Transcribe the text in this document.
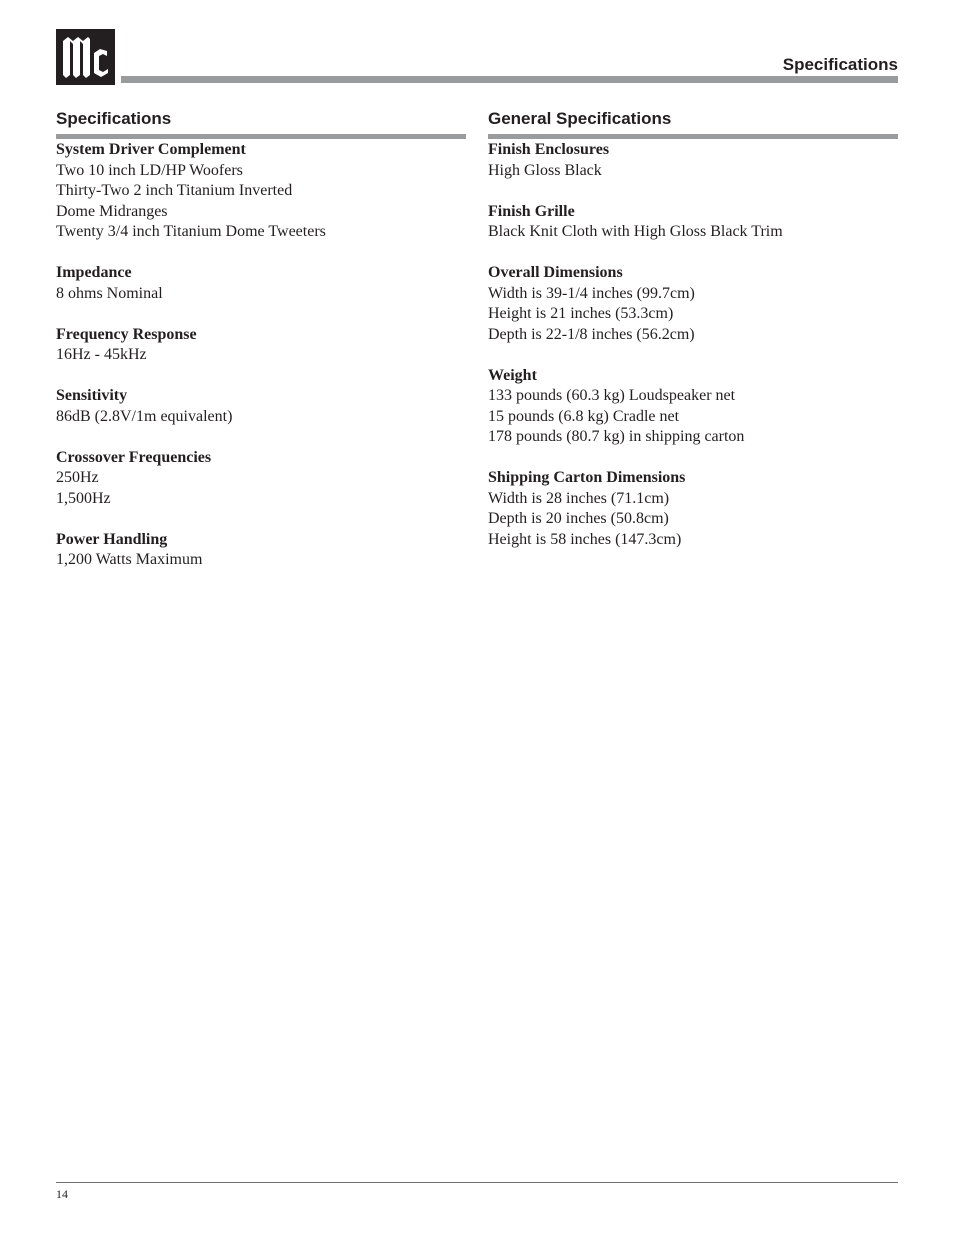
Specifications
Specifications

System Driver Complement

Two 10 inch LD/HP Woofers

Thirty-Two 2 inch Titanium Inverted

Dome Midranges

Twenty 3/4 inch Titanium Dome Tweeters

Impedance

8 ohms Nominal

Frequency Response

16Hz - 45kHz

Sensitivity

86dB (2.8V/1m equivalent)

Crossover Frequencies

250Hz

1,500Hz

Power Handling

1,200 Watts Maximum

General Specifications

Finish Enclosures

High Gloss Black

Finish Grille

Black Knit Cloth with High Gloss Black Trim

Overall Dimensions

Width is 39-1/4 inches (99.7cm)

Height is 21 inches (53.3cm)

Depth is 22-1/8 inches (56.2cm)

Weight

133 pounds (60.3 kg) Loudspeaker net

15 pounds (6.8 kg) Cradle net

178 pounds (80.7 kg) in shipping carton

Shipping Carton Dimensions

Width is 28 inches (71.1cm)

Depth is 20 inches (50.8cm)

Height is 58 inches (147.3cm)

14
